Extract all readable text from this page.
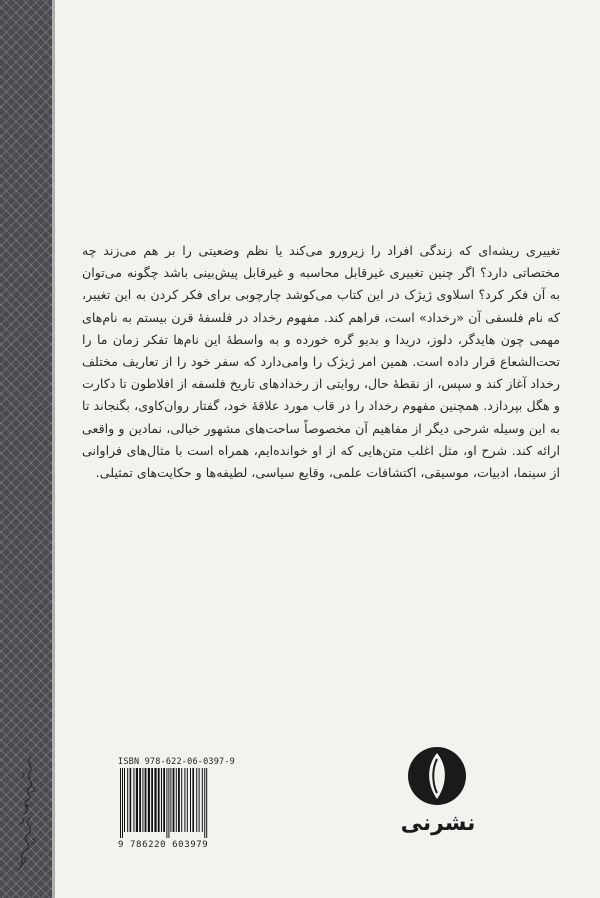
تغییری ریشه‌ای که زندگی افراد را زیرورو می‌کند یا نظم وضعیتی را بر هم می‌زند چه مختصاتی دارد؟ اگر چنین تغییری غیرقابل محاسبه و غیرقابل پیش‌بینی باشد چگونه می‌توان به آن فکر کرد؟ اسلاوی ژیژک در این کتاب می‌کوشد چارچوبی برای فکر کردن به این تغییر، که نام فلسفی آن «رخداد» است، فراهم کند. مفهوم رخداد در فلسفهٔ قرن بیستم به نام‌های مهمی چون هایدگر، دلوز، دریدا و بدیو گره خورده و به واسطهٔ این نام‌ها تفکر زمان ما را تحت‌الشعاع قرار داده است. همین امر ژیژک را وامی‌دارد که سفر خود را از تعاریف مختلف رخداد آغاز کند و سپس، از نقطهٔ حال، روایتی از رخدادهای تاریخ فلسفه از افلاطون تا دکارت و هگل بپردازد. همچنین مفهوم رخداد را در قاب مورد علاقهٔ خود، گفتار روان‌کاوی، بگنجاند تا به این وسیله شرحی دیگر از مفاهیم آن مخصوصاً ساحت‌های مشهور خیالی، نمادین و واقعی ارائه کند. شرح او، مثل اغلب متن‌هایی که از او خوانده‌ایم، همراه است با مثال‌های فراوانی از سینما، ادبیات، موسیقی، اکتشافات علمی، وقایع سیاسی، لطیفه‌ها و حکایت‌های تمثیلی.

ISBN 978-622-06-0397-9
9 786220 603979
نشرنی
